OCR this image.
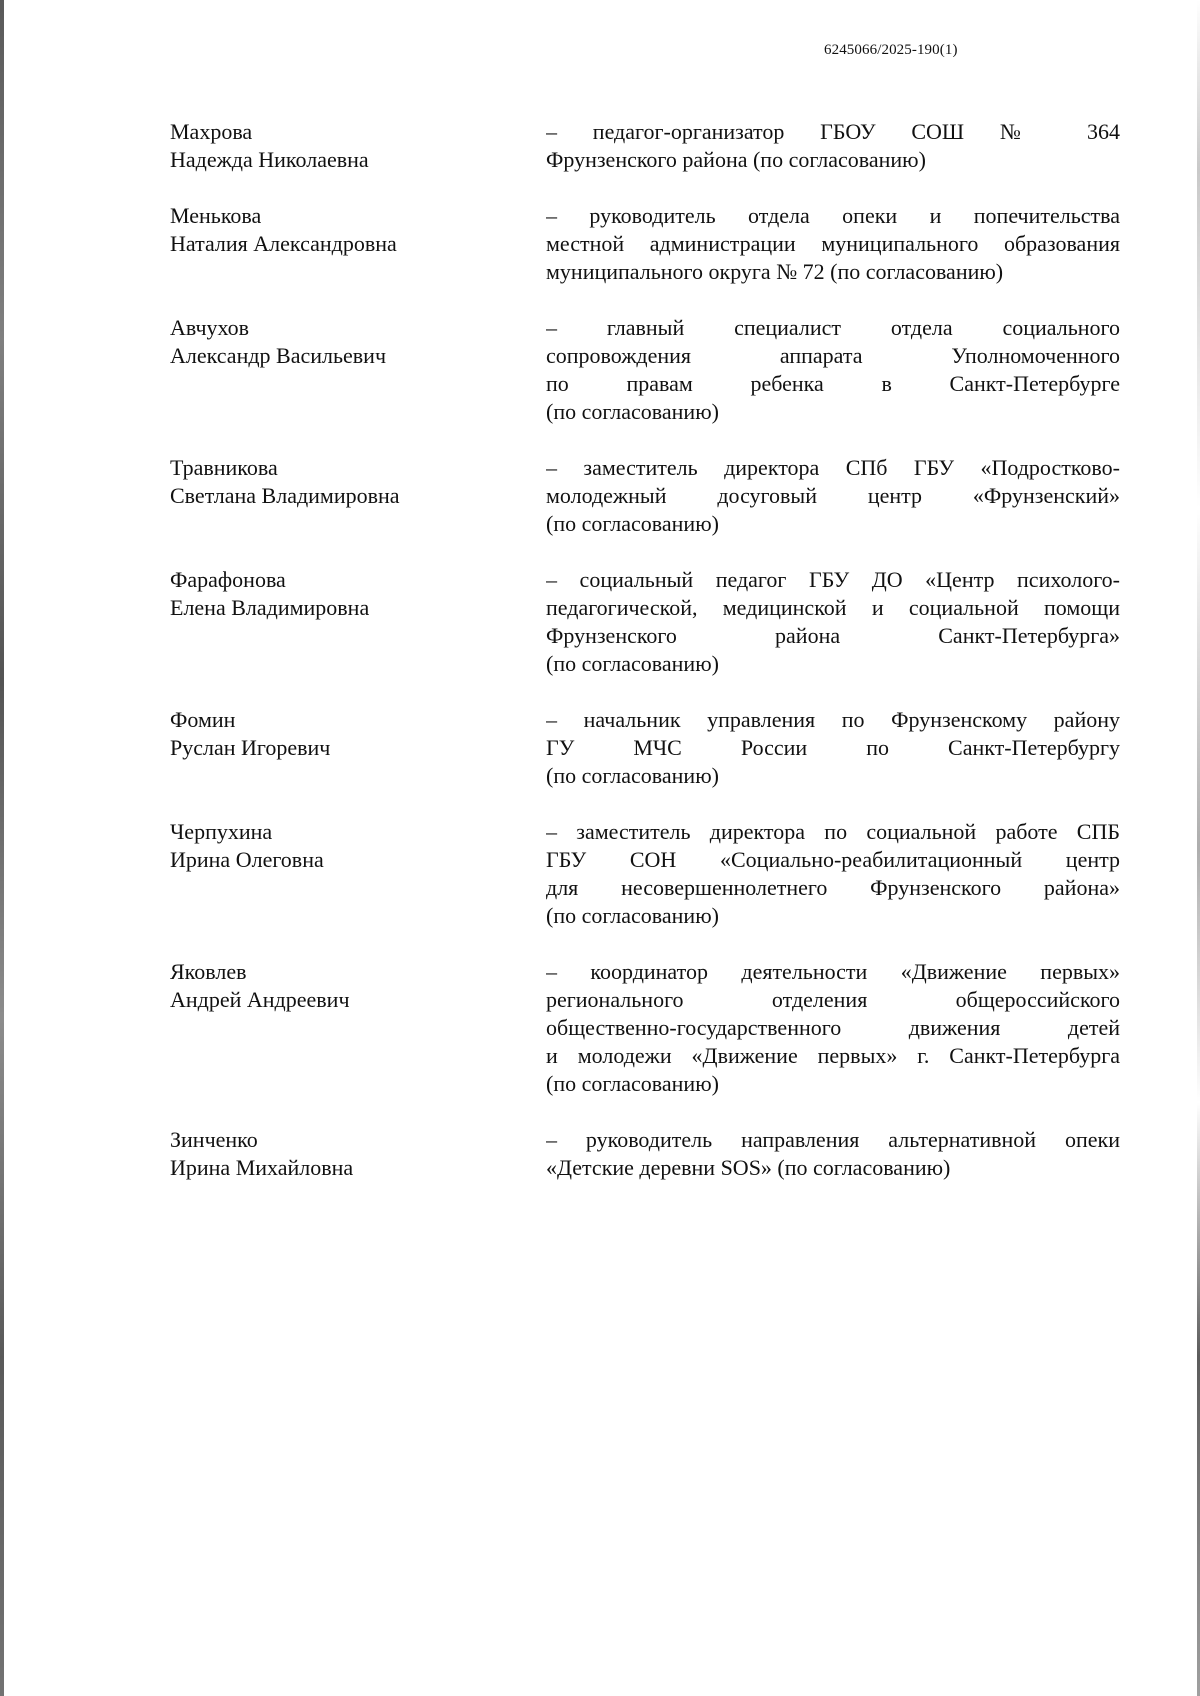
6245066/2025-190(1)
Махрова
Надежда Николаевна
– педагог-организатор ГБОУ СОШ № 364
Фрунзенского района (по согласованию)
Менькова
Наталия Александровна
– руководитель отдела опеки и попечительства
местной администрации муниципального образования
муниципального округа № 72 (по согласованию)
Авчухов
Александр Васильевич
– главный специалист отдела социального
сопровождения аппарата Уполномоченного
по правам ребенка в Санкт-Петербурге
(по согласованию)
Травникова
Светлана Владимировна
– заместитель директора СПб ГБУ «Подростково-
молодежный досуговый центр «Фрунзенский»
(по согласованию)
Фарафонова
Елена Владимировна
– социальный педагог ГБУ ДО «Центр психолого-
педагогической, медицинской и социальной помощи
Фрунзенского района Санкт-Петербурга»
(по согласованию)
Фомин
Руслан Игоревич
– начальник управления по Фрунзенскому району
ГУ МЧС России по Санкт-Петербургу
(по согласованию)
Черпухина
Ирина Олеговна
– заместитель директора по социальной работе СПБ
ГБУ СОН «Социально-реабилитационный центр
для несовершеннолетнего Фрунзенского района»
(по согласованию)
Яковлев
Андрей Андреевич
– координатор деятельности «Движение первых»
регионального отделения общероссийского
общественно-государственного движения детей
и молодежи «Движение первых» г. Санкт-Петербурга
(по согласованию)
Зинченко
Ирина Михайловна
– руководитель направления альтернативной опеки
«Детские деревни SOS» (по согласованию)
